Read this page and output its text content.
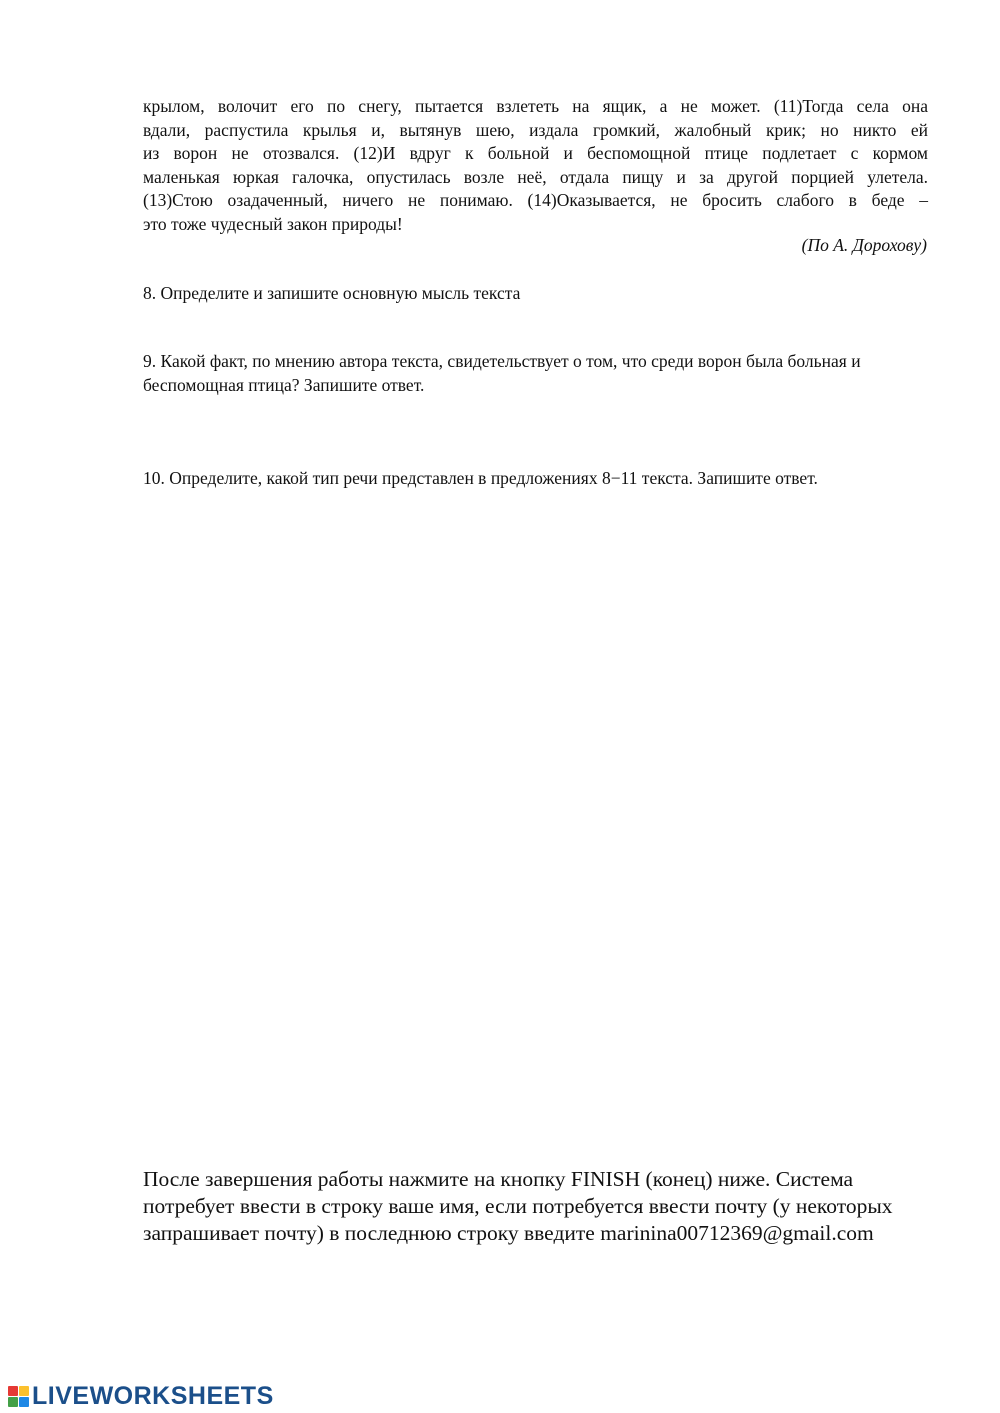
крылом, волочит его по снегу, пытается взлететь на ящик, а не может. (11)Тогда села она
вдали, распустила крылья и, вытянув шею, издала громкий, жалобный крик; но никто ей
из ворон не отозвался. (12)И вдруг к больной и беспомощной птице подлетает с кормом
маленькая юркая галочка, опустилась возле неё, отдала пищу и за другой порцией улетела.
(13)Стою озадаченный, ничего не понимаю. (14)Оказывается, не бросить слабого в беде –
это тоже чудесный закон природы!
(По А. Дорохову)
8. Определите и запишите основную мысль текста
9. Какой факт, по мнению автора текста, свидетельствует о том, что среди ворон была больная и беспомощная птица? Запишите ответ.
10. Определите, какой тип речи представлен в предложениях 8−11 текста. Запишите ответ.
После завершения работы нажмите на кнопку FINISH (конец) ниже. Система потребует ввести в строку ваше имя, если потребуется ввести почту (у некоторых запрашивает почту) в последнюю строку введите marinina00712369@gmail.com
LIVEWORKSHEETS
